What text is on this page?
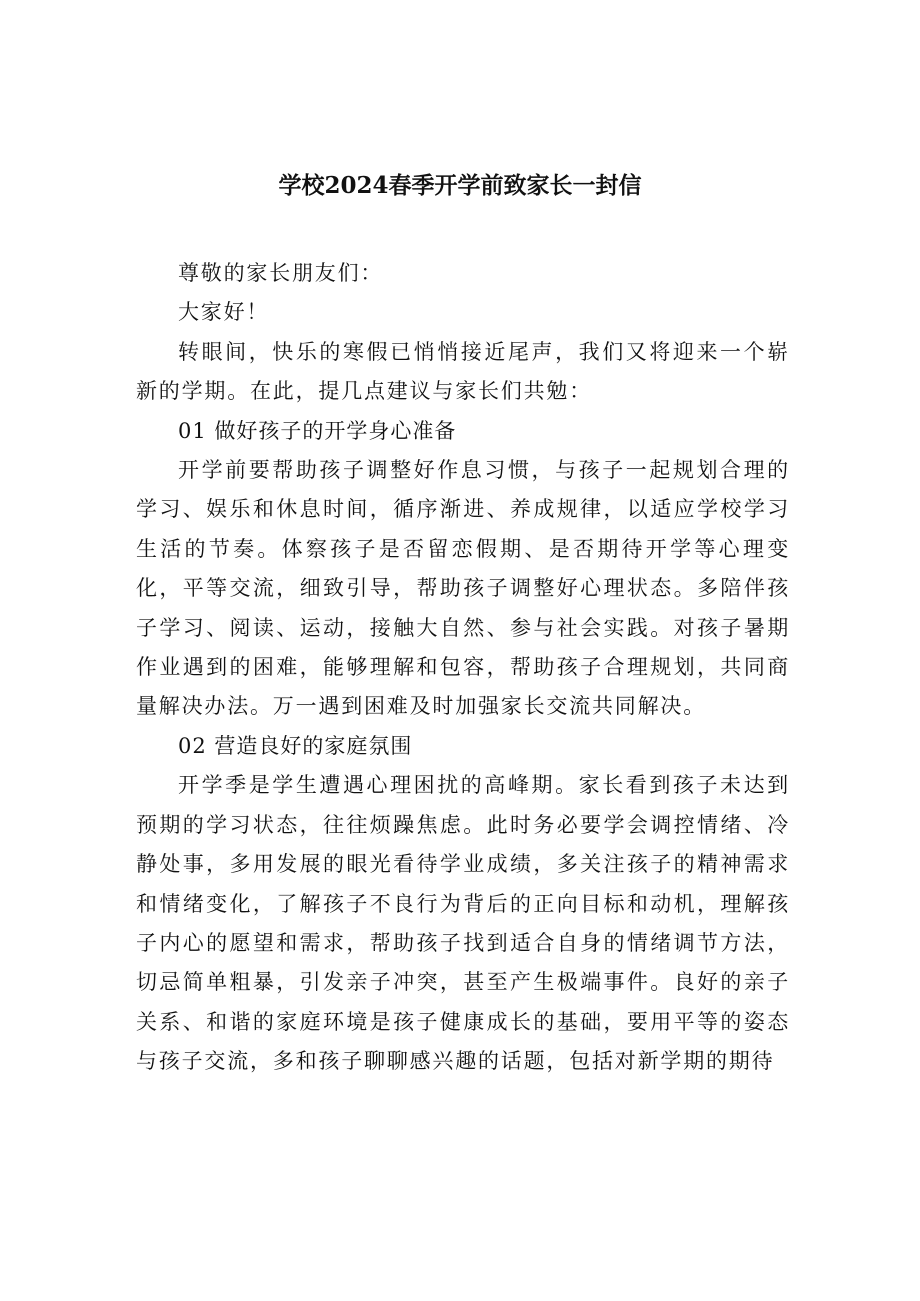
学校2024春季开学前致家长一封信

尊敬的家长朋友们：

大家好！

转眼间，快乐的寒假已悄悄接近尾声，我们又将迎来一个崭新的学期。在此，提几点建议与家长们共勉：

01 做好孩子的开学身心准备

开学前要帮助孩子调整好作息习惯，与孩子一起规划合理的学习、娱乐和休息时间，循序渐进、养成规律，以适应学校学习生活的节奏。体察孩子是否留恋假期、是否期待开学等心理变化，平等交流，细致引导，帮助孩子调整好心理状态。多陪伴孩子学习、阅读、运动，接触大自然、参与社会实践。对孩子暑期作业遇到的困难，能够理解和包容，帮助孩子合理规划，共同商量解决办法。万一遇到困难及时加强家长交流共同解决。

02 营造良好的家庭氛围

开学季是学生遭遇心理困扰的高峰期。家长看到孩子未达到预期的学习状态，往往烦躁焦虑。此时务必要学会调控情绪、冷静处事，多用发展的眼光看待学业成绩，多关注孩子的精神需求和情绪变化，了解孩子不良行为背后的正向目标和动机，理解孩子内心的愿望和需求，帮助孩子找到适合自身的情绪调节方法，切忌简单粗暴，引发亲子冲突，甚至产生极端事件。良好的亲子关系、和谐的家庭环境是孩子健康成长的基础，要用平等的姿态与孩子交流，多和孩子聊聊感兴趣的话题，包括对新学期的期待
